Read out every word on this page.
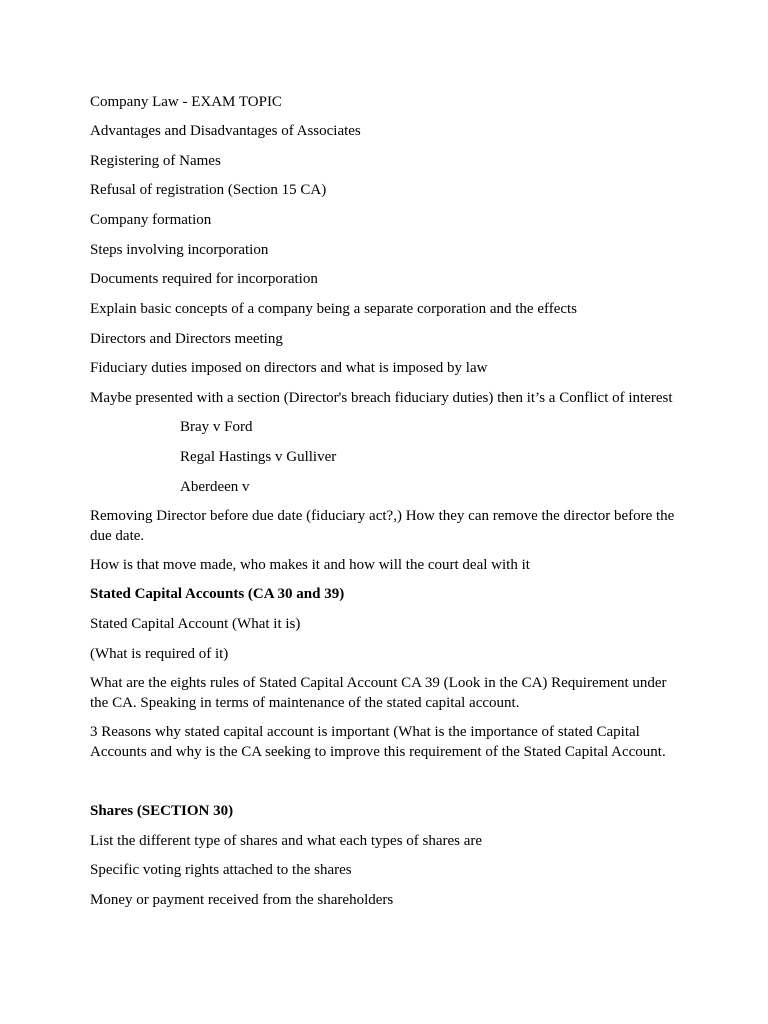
Company Law - EXAM TOPIC
Advantages and Disadvantages of Associates
Registering of Names
Refusal of registration (Section 15 CA)
Company formation
Steps involving incorporation
Documents required for incorporation
Explain basic concepts of a company being a separate corporation and the effects
Directors and Directors meeting
Fiduciary duties imposed on directors and what is imposed by law
Maybe presented with a section (Director's breach fiduciary duties) then it’s a Conflict of interest
Bray v Ford
Regal Hastings v Gulliver
Aberdeen v
Removing Director before due date (fiduciary act?,) How they can remove the director before the due date.
How is that move made, who makes it and how will the court deal with it
Stated Capital Accounts (CA 30 and 39)
Stated Capital Account (What it is)
(What is required of it)
What are the eights rules of Stated Capital Account CA 39 (Look in the CA) Requirement under the CA. Speaking in terms of maintenance of the stated capital account.
3 Reasons why stated capital account is important (What is the importance of stated Capital Accounts and why is the CA seeking to improve this requirement of the Stated Capital Account.
Shares (SECTION 30)
List the different type of shares and what each types of shares are
Specific voting rights attached to the shares
Money or payment received from the shareholders
